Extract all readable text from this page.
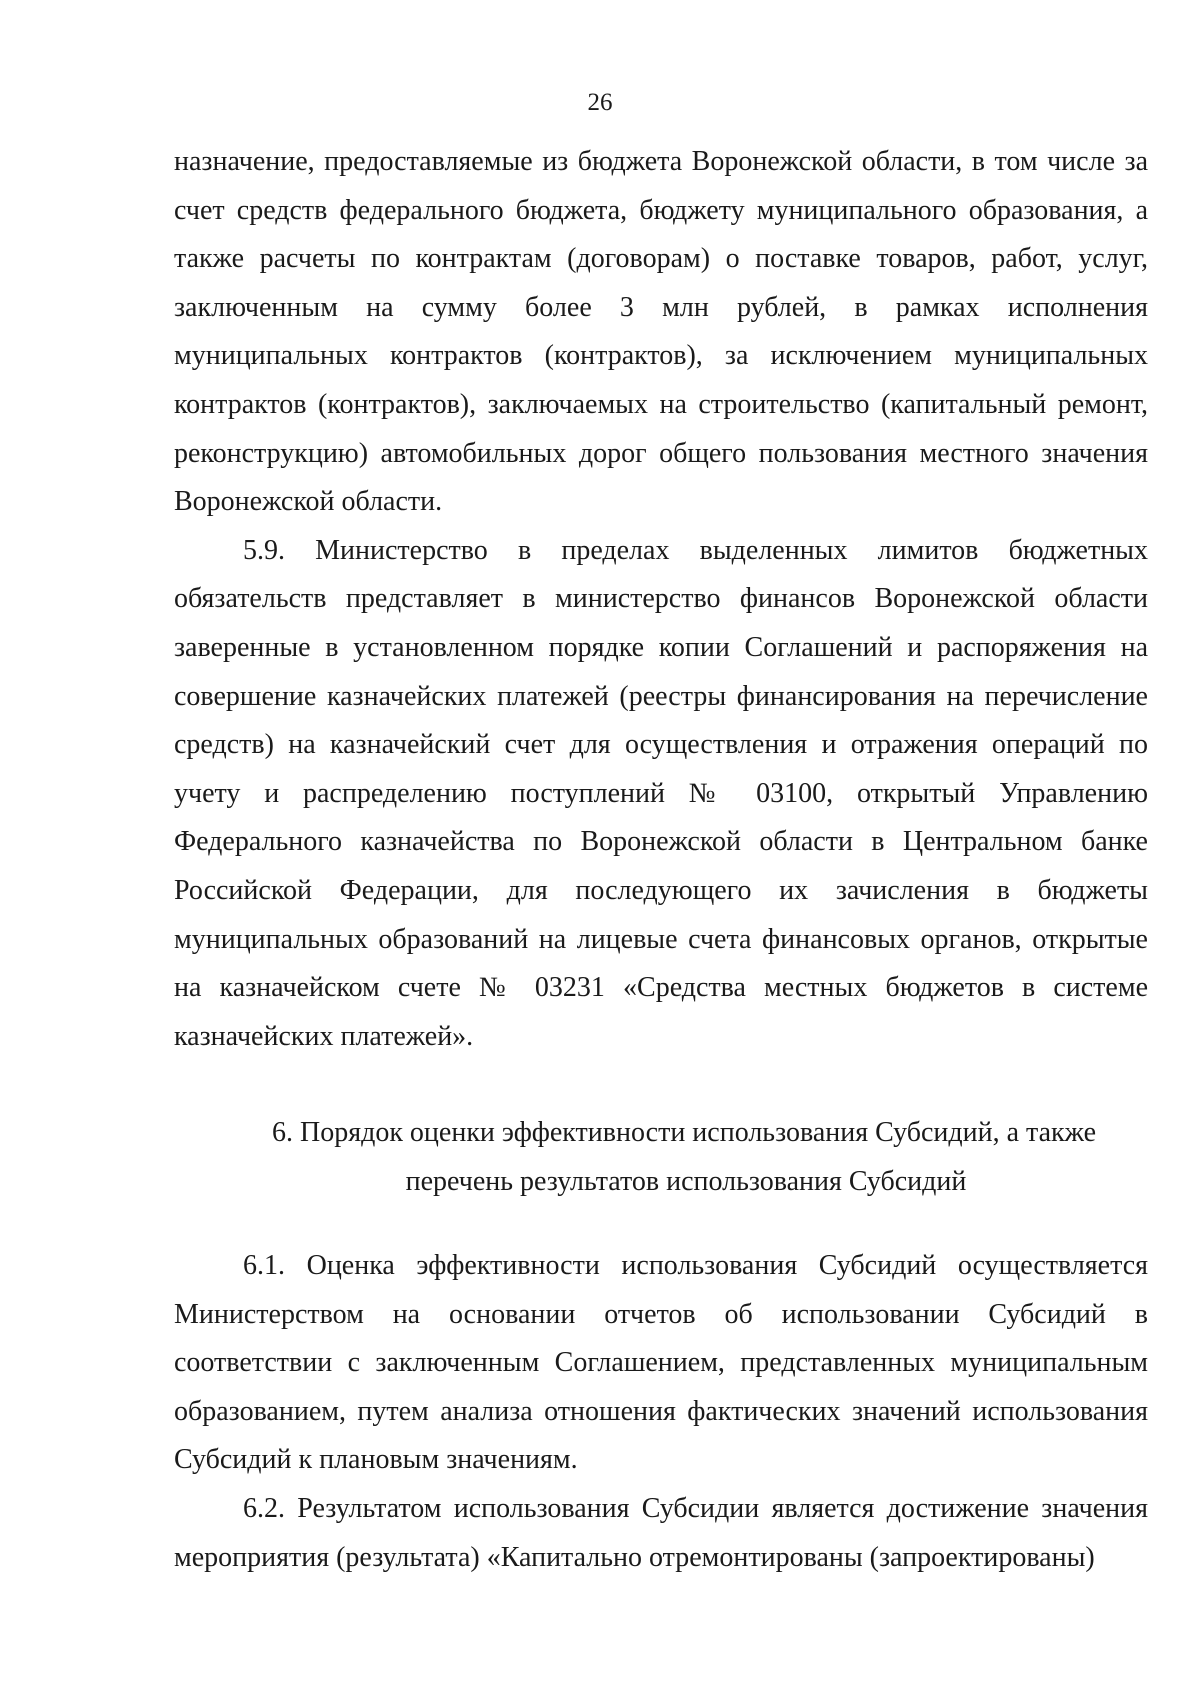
26

назначение, предоставляемые из бюджета Воронежской области, в том числе за счет средств федерального бюджета, бюджету муниципального образования, а также расчеты по контрактам (договорам) о поставке товаров, работ, услуг, заключенным на сумму более 3 млн рублей, в рамках исполнения муниципальных контрактов (контрактов), за исключением муниципальных контрактов (контрактов), заключаемых на строительство (капитальный ремонт, реконструкцию) автомобильных дорог общего пользования местного значения Воронежской области.

5.9. Министерство в пределах выделенных лимитов бюджетных обязательств представляет в министерство финансов Воронежской области заверенные в установленном порядке копии Соглашений и распоряжения на совершение казначейских платежей (реестры финансирования на перечисление средств) на казначейский счет для осуществления и отражения операций по учету и распределению поступлений № 03100, открытый Управлению Федерального казначейства по Воронежской области в Центральном банке Российской Федерации, для последующего их зачисления в бюджеты муниципальных образований на лицевые счета финансовых органов, открытые на казначейском счете № 03231 «Средства местных бюджетов в системе казначейских платежей».

6. Порядок оценки эффективности использования Субсидий, а также
перечень результатов использования Субсидий

6.1. Оценка эффективности использования Субсидий осуществляется Министерством на основании отчетов об использовании Субсидий в соответствии с заключенным Соглашением, представленных муниципальным образованием, путем анализа отношения фактических значений использования Субсидий к плановым значениям.

6.2. Результатом использования Субсидии является достижение значения мероприятия (результата) «Капитально отремонтированы (запроектированы)
